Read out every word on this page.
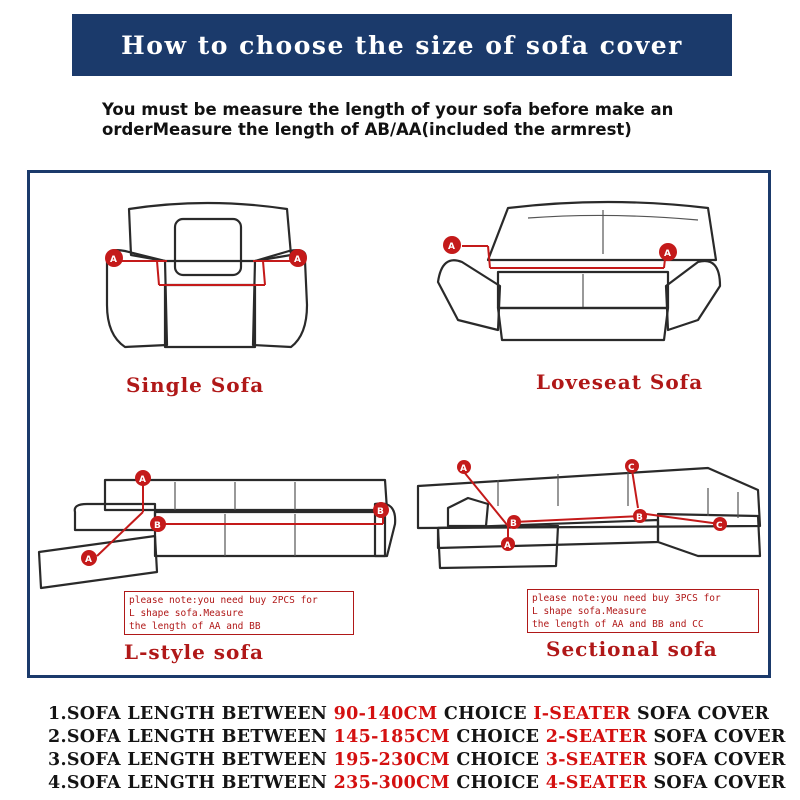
How to choose the size of sofa cover
You must be measure the length of your sofa before make an
orderMeasure the length of AB/AA(included the armrest)
A	A
Single Sofa
A
A
Loveseat Sofa
A
A
B
B
please note:you need buy 2PCS for
L shape sofa.Measure
the length of AA and BB
L-style sofa
A
A
B
B
C
C
please note:you need buy 3PCS for
L shape sofa.Measure
the length of AA and BB and CC
Sectional sofa
1.SOFA LENGTH BETWEEN 90-140CM CHOICE I-SEATER SOFA COVER
2.SOFA LENGTH BETWEEN 145-185CM CHOICE 2-SEATER SOFA COVER
3.SOFA LENGTH BETWEEN 195-230CM CHOICE 3-SEATER SOFA COVER
4.SOFA LENGTH BETWEEN 235-300CM CHOICE 4-SEATER SOFA COVER
